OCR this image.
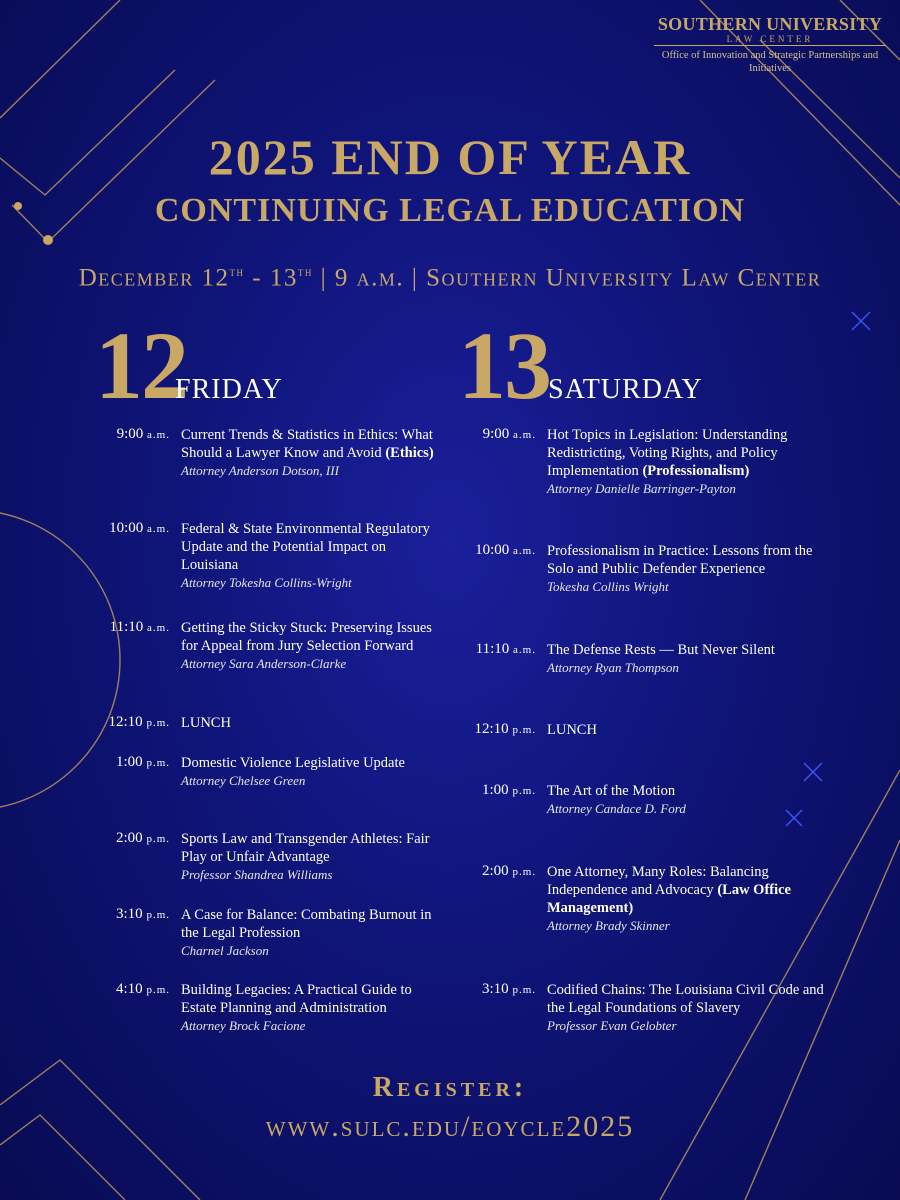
SOUTHERN UNIVERSITY
LAW CENTER
Office of Innovation and Strategic Partnerships and Initiatives
2025 END OF YEAR
CONTINUING LEGAL EDUCATION
December 12th - 13th | 9 a.m. | Southern University Law Center
12
FRIDAY 13
SATURDAY
9:00 a.m. Current Trends & Statistics in Ethics: What Should a Lawyer Know and Avoid (Ethics)
Attorney Anderson Dotson, III
10:00 a.m. Federal & State Environmental Regulatory Update and the Potential Impact on Louisiana
Attorney Tokesha Collins-Wright
11:10 a.m. Getting the Sticky Stuck: Preserving Issues for Appeal from Jury Selection Forward
Attorney Sara Anderson-Clarke
12:10 p.m. LUNCH
1:00 p.m. Domestic Violence Legislative Update
Attorney Chelsee Green
2:00 p.m. Sports Law and Transgender Athletes: Fair Play or Unfair Advantage
Professor Shandrea Williams
3:10 p.m. A Case for Balance: Combating Burnout in the Legal Profession
Charnel Jackson
4:10 p.m. Building Legacies: A Practical Guide to Estate Planning and Administration
Attorney Brock Facione
9:00 a.m. Hot Topics in Legislation: Understanding Redistricting, Voting Rights, and Policy Implementation (Professionalism)
Attorney Danielle Barringer-Payton
10:00 a.m. Professionalism in Practice: Lessons from the Solo and Public Defender Experience
Tokesha Collins Wright
11:10 a.m. The Defense Rests — But Never Silent
Attorney Ryan Thompson
12:10 p.m. LUNCH
1:00 p.m. The Art of the Motion
Attorney Candace D. Ford
2:00 p.m. One Attorney, Many Roles: Balancing Independence and Advocacy (Law Office Management)
Attorney Brady Skinner
3:10 p.m. Codified Chains: The Louisiana Civil Code and the Legal Foundations of Slavery
Professor Evan Gelobter
Register:
www.sulc.edu/eoycle2025
